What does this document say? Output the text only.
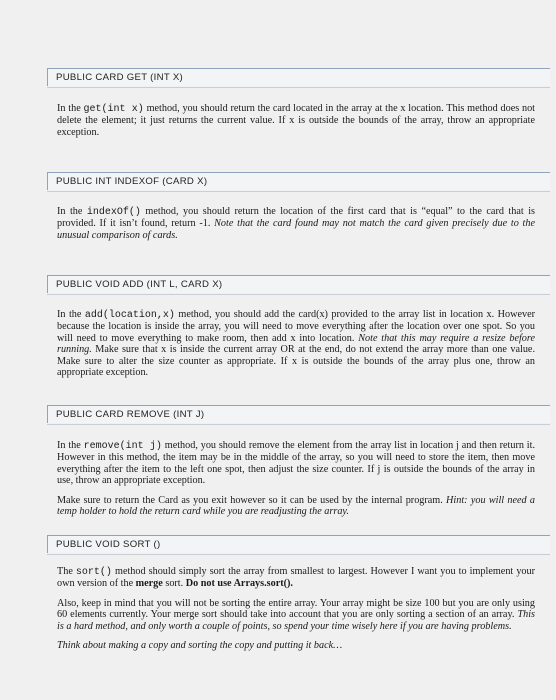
PUBLIC CARD GET (INT X)

In the get(int x) method, you should return the card located in the array at the x location. This method does not delete the element; it just returns the current value. If x is outside the bounds of the array, throw an appropriate exception.

PUBLIC INT INDEXOF (CARD X)

In the indexOf() method, you should return the location of the first card that is “equal” to the card that is provided. If it isn’t found, return -1. Note that the card found may not match the card given precisely due to the unusual comparison of cards.

PUBLIC VOID ADD (INT L, CARD X)

In the add(location,x) method, you should add the card(x) provided to the array list in location x. However because the location is inside the array, you will need to move everything after the location over one spot. So you will need to move everything to make room, then add x into location. Note that this may require a resize before running. Make sure that x is inside the current array OR at the end, do not extend the array more than one value. Make sure to alter the size counter as appropriate. If x is outside the bounds of the array plus one, throw an appropriate exception.

PUBLIC CARD REMOVE (INT J)

In the remove(int j) method, you should remove the element from the array list in location j and then return it. However in this method, the item may be in the middle of the array, so you will need to store the item, then move everything after the item to the left one spot, then adjust the size counter. If j is outside the bounds of the array in use, throw an appropriate exception.

Make sure to return the Card as you exit however so it can be used by the internal program. Hint: you will need a temp holder to hold the return card while you are readjusting the array.

PUBLIC VOID SORT ()

The sort() method should simply sort the array from smallest to largest. However I want you to implement your own version of the merge sort. Do not use Arrays.sort().

Also, keep in mind that you will not be sorting the entire array. Your array might be size 100 but you are only using 60 elements currently. Your merge sort should take into account that you are only sorting a section of an array. This is a hard method, and only worth a couple of points, so spend your time wisely here if you are having problems.

Think about making a copy and sorting the copy and putting it back…
